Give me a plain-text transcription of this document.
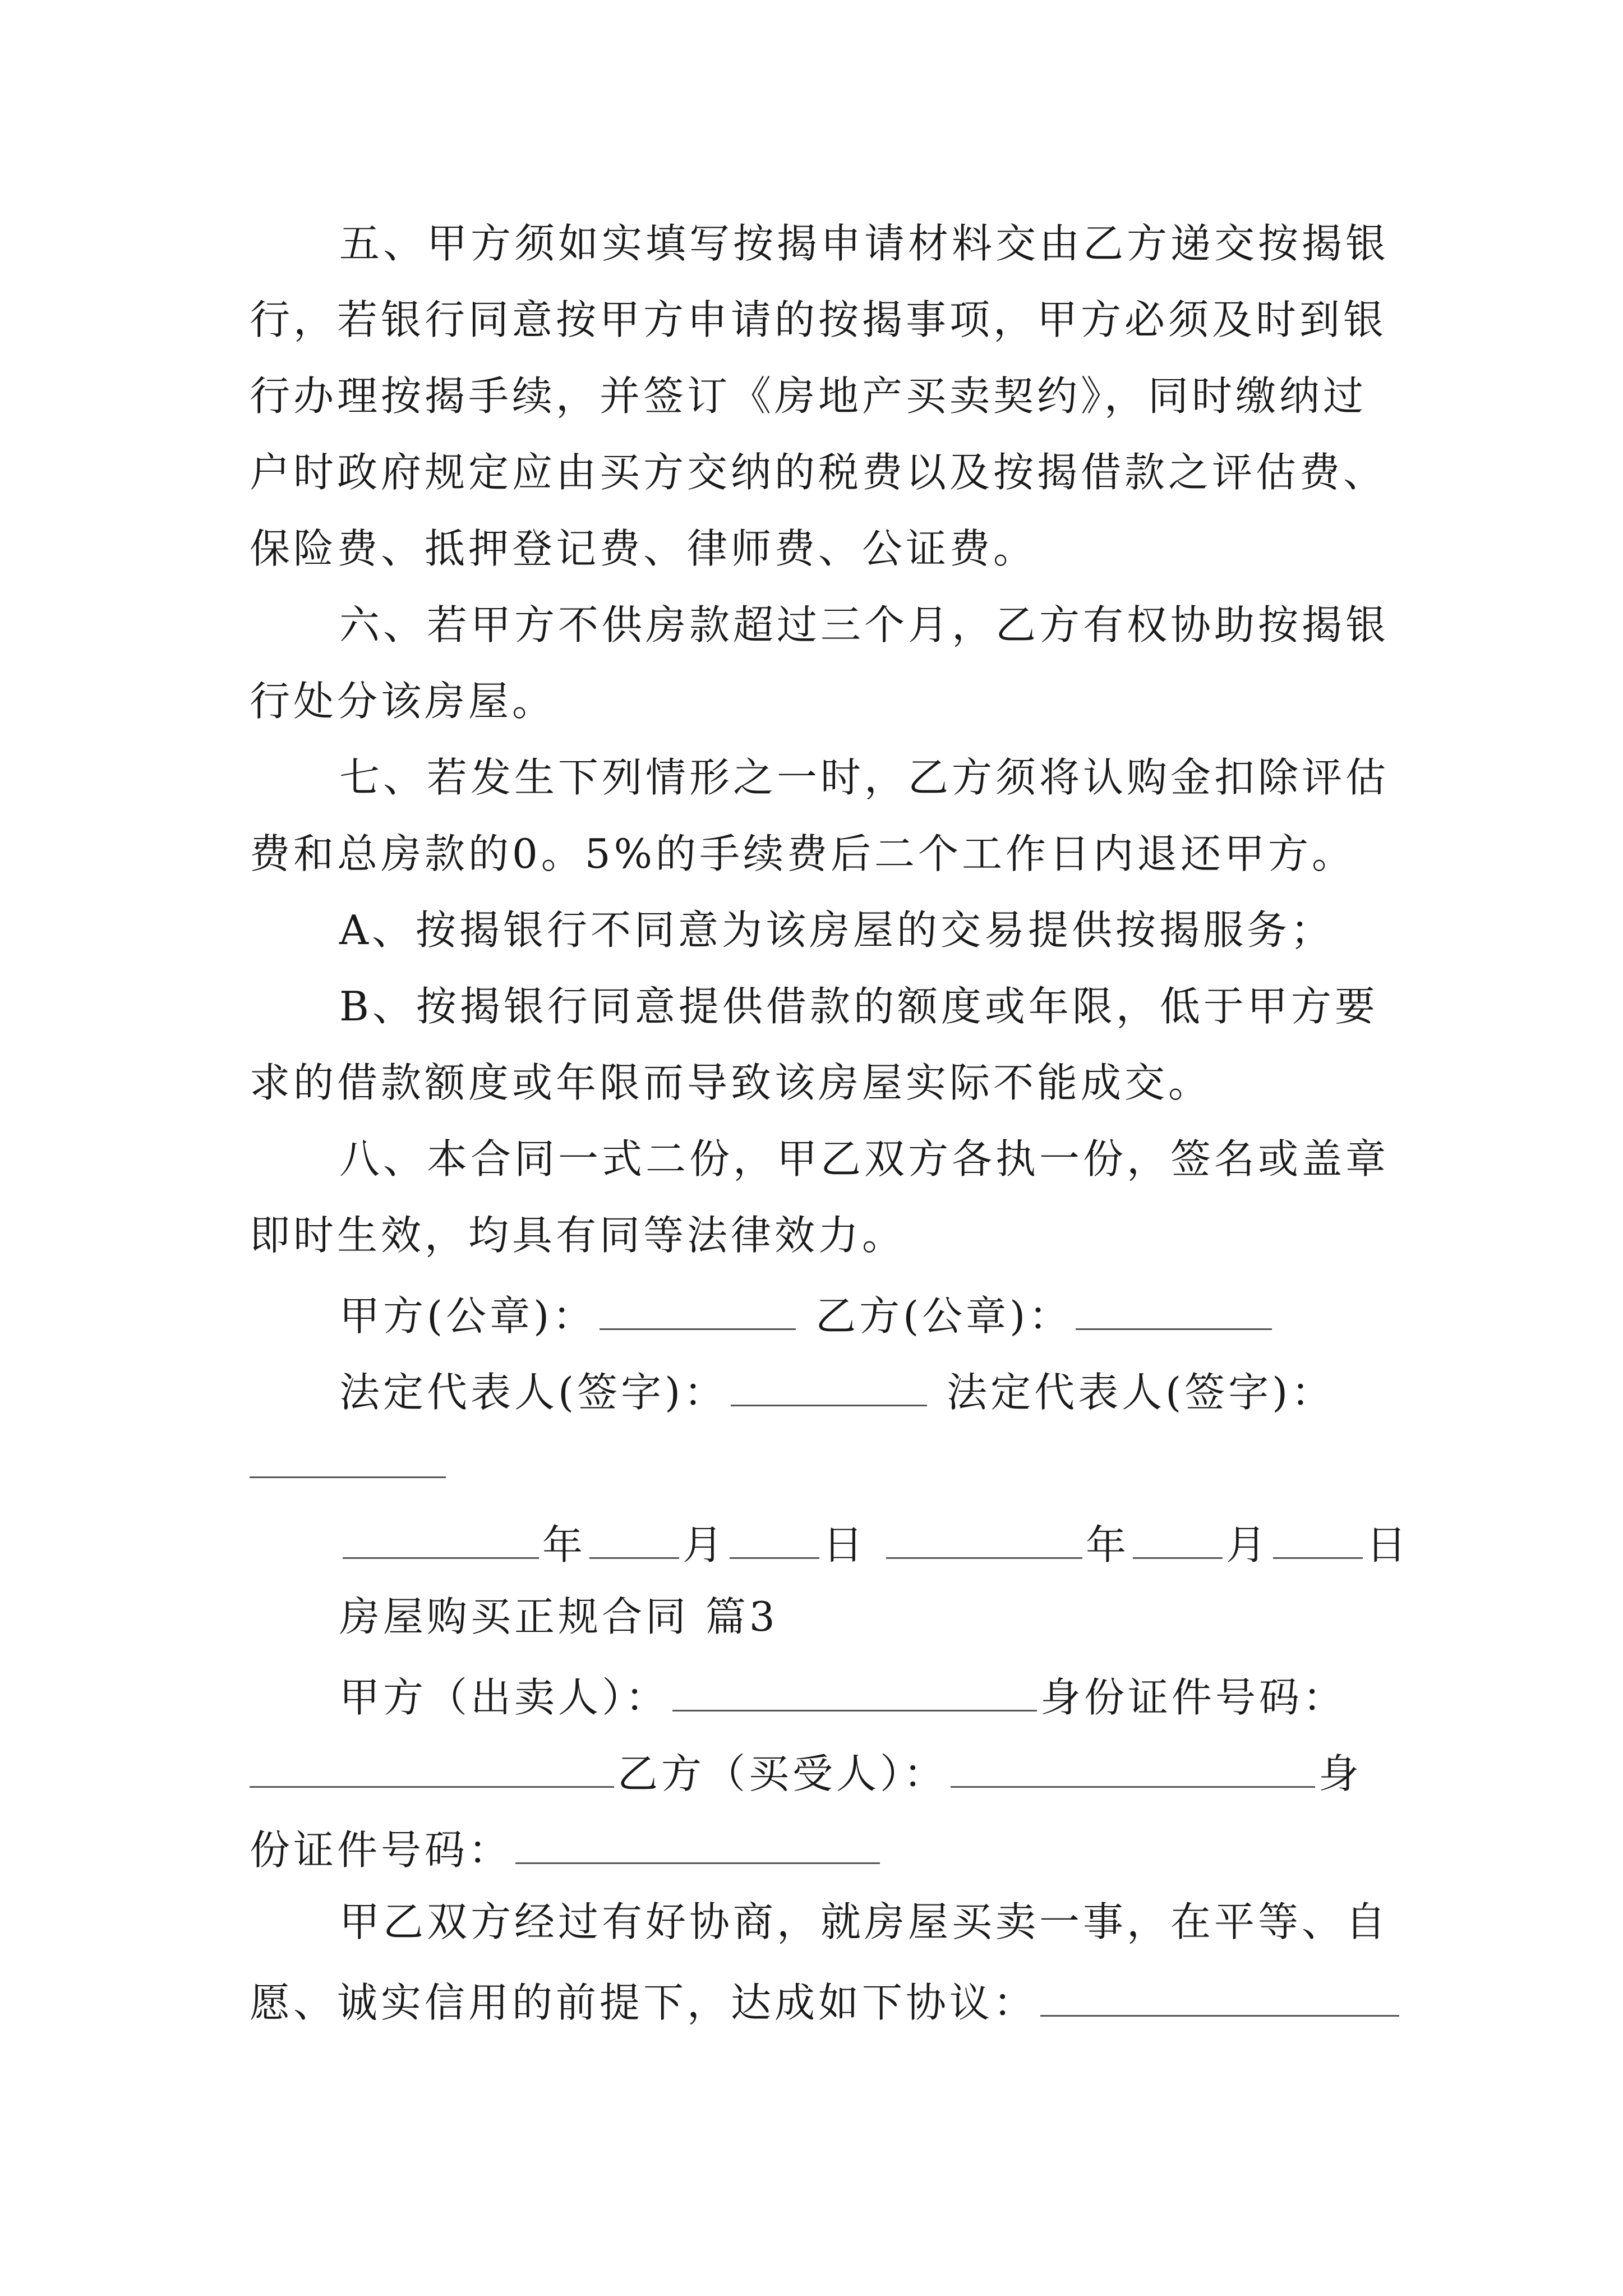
五、甲方须如实填写按揭申请材料交由乙方递交按揭银
行，若银行同意按甲方申请的按揭事项，甲方必须及时到银
行办理按揭手续，并签订《房地产买卖契约》，同时缴纳过
户时政府规定应由买方交纳的税费以及按揭借款之评估费、
保险费、抵押登记费、律师费、公证费。
六、若甲方不供房款超过三个月，乙方有权协助按揭银
行处分该房屋。
七、若发生下列情形之一时，乙方须将认购金扣除评估
费和总房款的0。5%的手续费后二个工作日内退还甲方。
A、按揭银行不同意为该房屋的交易提供按揭服务；
B、按揭银行同意提供借款的额度或年限，低于甲方要
求的借款额度或年限而导致该房屋实际不能成交。
八、本合同一式二份，甲乙双方各执一份，签名或盖章
即时生效，均具有同等法律效力。
甲方(公章)：	乙方(公章)：
法定代表人(签字)：	法定代表人(签字)：
年 月 日	年 月 日
房屋购买正规合同 篇3
甲方（出卖人）：	身份证件号码：
乙方（买受人）：	身
份证件号码：
甲乙双方经过有好协商，就房屋买卖一事，在平等、自
愿、诚实信用的前提下，达成如下协议：
